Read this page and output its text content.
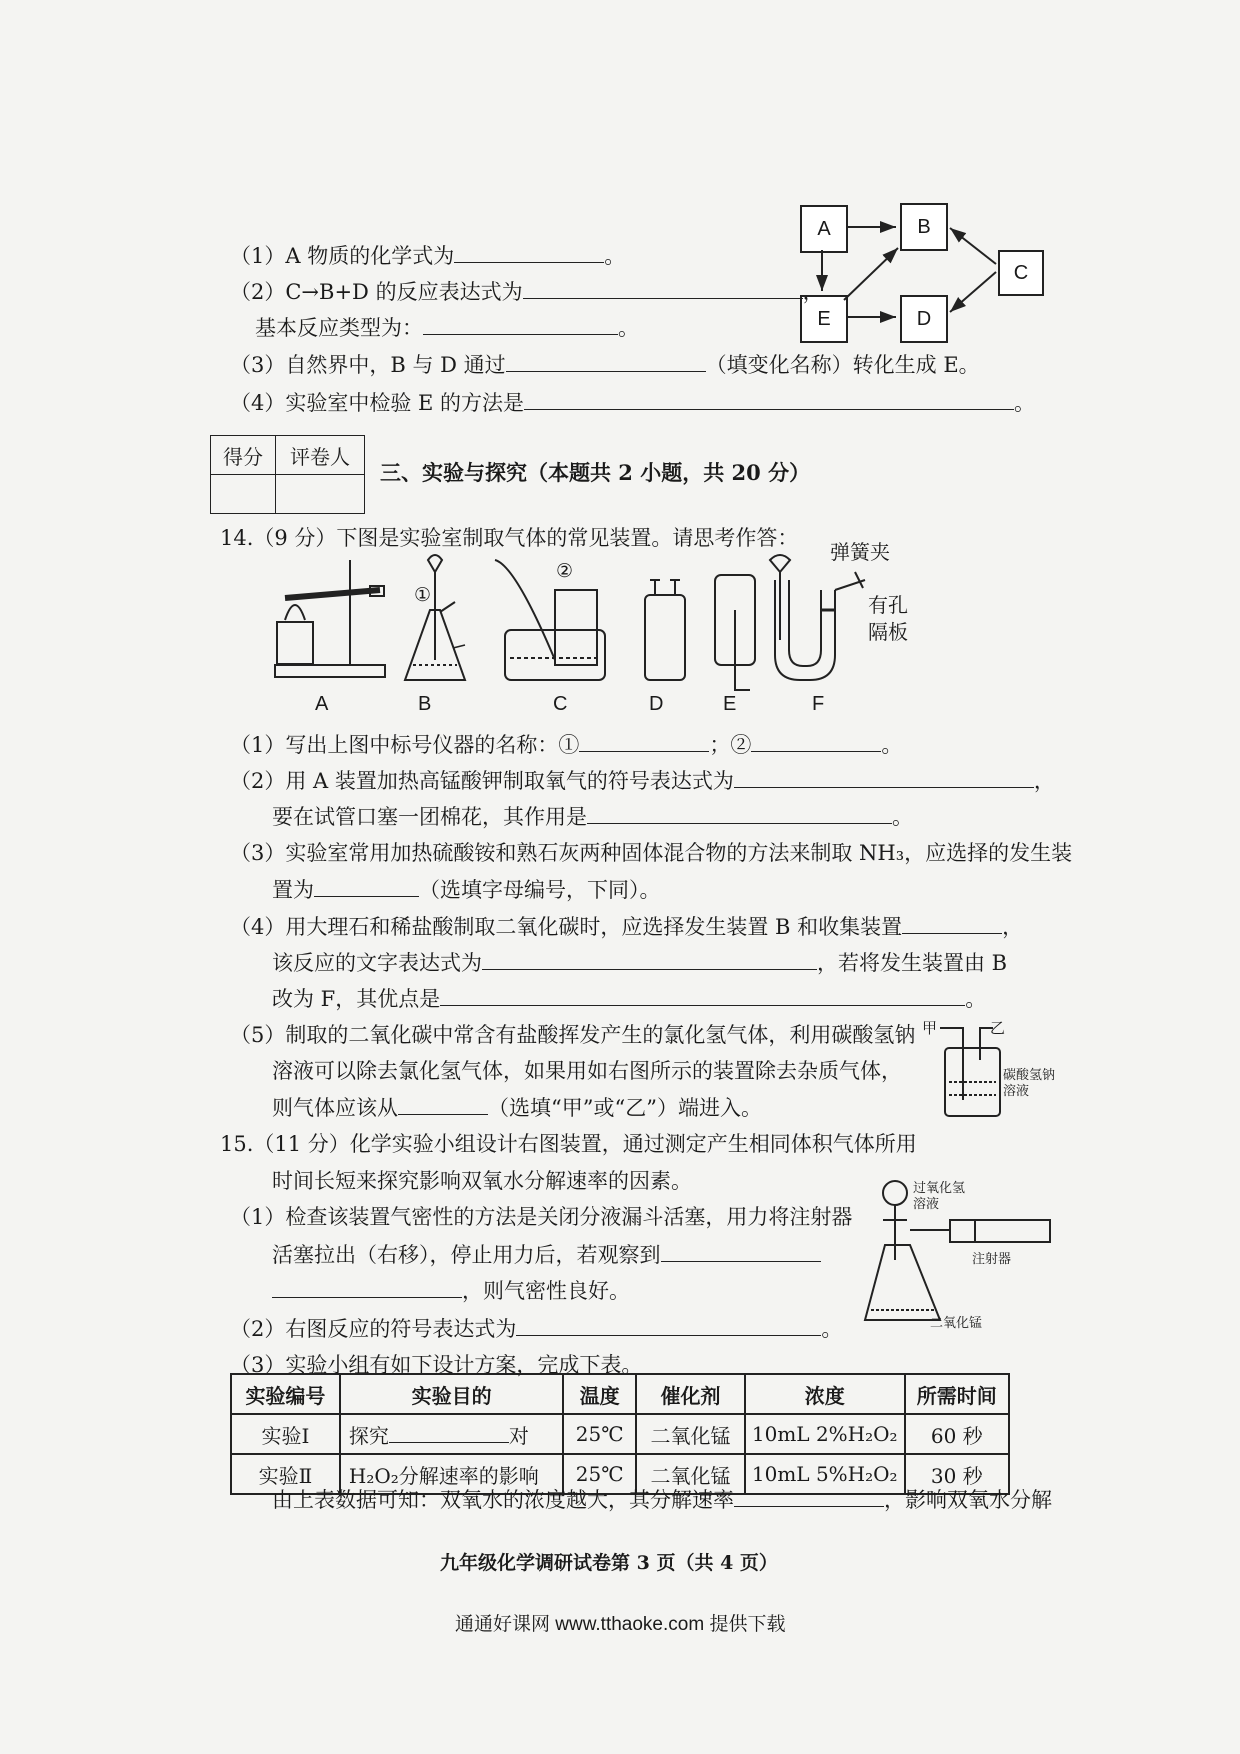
A	B
C
E	D
（1）A 物质的化学式为	。
（2）C→B+D 的反应表达式为	，
基本反应类型为：	。
（3）自然界中，B 与 D 通过	（填变化名称）转化生成 E。
（4）实验室中检验 E 的方法是	。
得分	评卷人

三、实验与探究（本题共 2 小题，共 20 分）
14.（9 分）下图是实验室制取气体的常见装置。请思考作答：
弹簧夹
有孔
隔板
①
②
A	B	C	D	E	F
（1）写出上图中标号仪器的名称：①	；②	。
（2）用 A 装置加热高锰酸钾制取氧气的符号表达式为	，
要在试管口塞一团棉花，其作用是	。
（3）实验室常用加热硫酸铵和熟石灰两种固体混合物的方法来制取 NH₃，应选择的发生装
置为	（选填字母编号，下同）。
（4）用大理石和稀盐酸制取二氧化碳时，应选择发生装置 B 和收集装置	，
该反应的文字表达式为	，若将发生装置由 B
改为 F，其优点是	。
（5）制取的二氧化碳中常含有盐酸挥发产生的氯化氢气体，利用碳酸氢钠
溶液可以除去氯化氢气体，如果用如右图所示的装置除去杂质气体，
则气体应该从	（选填“甲”或“乙”）端进入。
甲	乙
碳酸氢钠
溶液
15.（11 分）化学实验小组设计右图装置，通过测定产生相同体积气体所用
时间长短来探究影响双氧水分解速率的因素。
（1）检查该装置气密性的方法是关闭分液漏斗活塞，用力将注射器
活塞拉出（右移），停止用力后，若观察到
，则气密性良好。
（2）右图反应的符号表达式为	。
（3）实验小组有如下设计方案，完成下表。
过氧化氢
溶液
注射器
二氧化锰
实验编号	实验目的	温度	催化剂	浓度	所需时间
实验Ⅰ	探究 对	25℃	二氧化锰	10mL 2%H₂O₂	60 秒
实验Ⅱ	H₂O₂分解速率的影响	25℃	二氧化锰	10mL 5%H₂O₂	30 秒
由上表数据可知：双氧水的浓度越大，其分解速率	，影响双氧水分解
九年级化学调研试卷第 3 页（共 4 页）
通通好课网 www.tthaoke.com 提供下载
